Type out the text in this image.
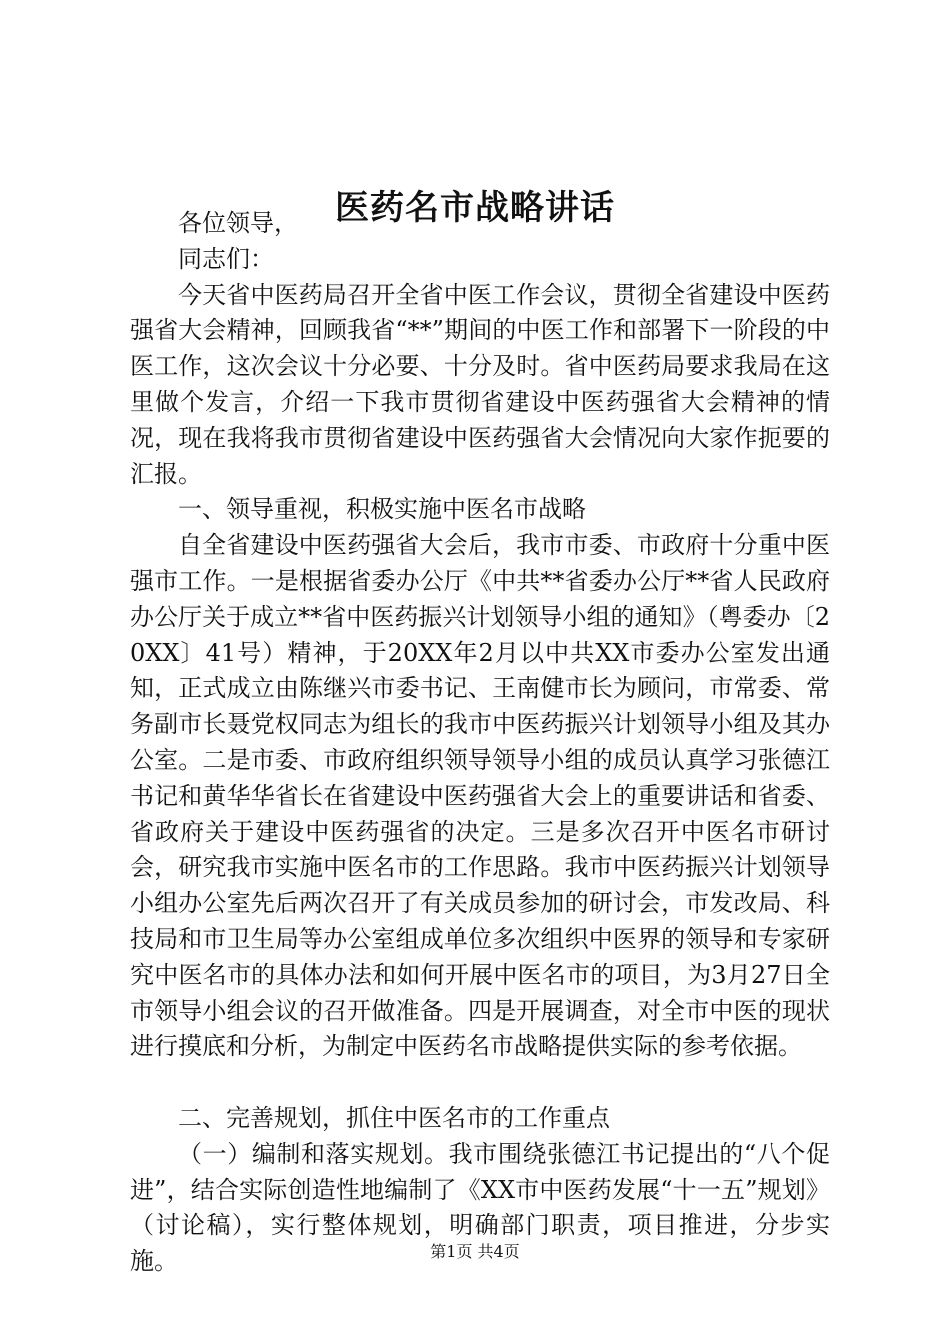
医药名市战略讲话

各位领导，

同志们：

今天省中医药局召开全省中医工作会议，贯彻全省建设中医药强省大会精神，回顾我省“**”期间的中医工作和部署下一阶段的中医工作，这次会议十分必要、十分及时。省中医药局要求我局在这里做个发言，介绍一下我市贯彻省建设中医药强省大会精神的情况，现在我将我市贯彻省建设中医药强省大会情况向大家作扼要的汇报。

一、领导重视，积极实施中医名市战略

自全省建设中医药强省大会后，我市市委、市政府十分重中医强市工作。一是根据省委办公厅《中共**省委办公厅**省人民政府办公厅关于成立**省中医药振兴计划领导小组的通知》（粤委办〔20XX〕41号）精神，于20XX年2月以中共XX市委办公室发出通知，正式成立由陈继兴市委书记、王南健市长为顾问，市常委、常务副市长聂党权同志为组长的我市中医药振兴计划领导小组及其办公室。二是市委、市政府组织领导领导小组的成员认真学习张德江书记和黄华华省长在省建设中医药强省大会上的重要讲话和省委、省政府关于建设中医药强省的决定。三是多次召开中医名市研讨会，研究我市实施中医名市的工作思路。我市中医药振兴计划领导小组办公室先后两次召开了有关成员参加的研讨会，市发改局、科技局和市卫生局等办公室组成单位多次组织中医界的领导和专家研究中医名市的具体办法和如何开展中医名市的项目，为3月27日全市领导小组会议的召开做准备。四是开展调查，对全市中医的现状进行摸底和分析，为制定中医药名市战略提供实际的参考依据。

二、完善规划，抓住中医名市的工作重点

（一）编制和落实规划。我市围绕张德江书记提出的“八个促进”，结合实际创造性地编制了《XX市中医药发展“十一五”规划》（讨论稿），实行整体规划，明确部门职责，项目推进，分步实施。	第1页 共4页
